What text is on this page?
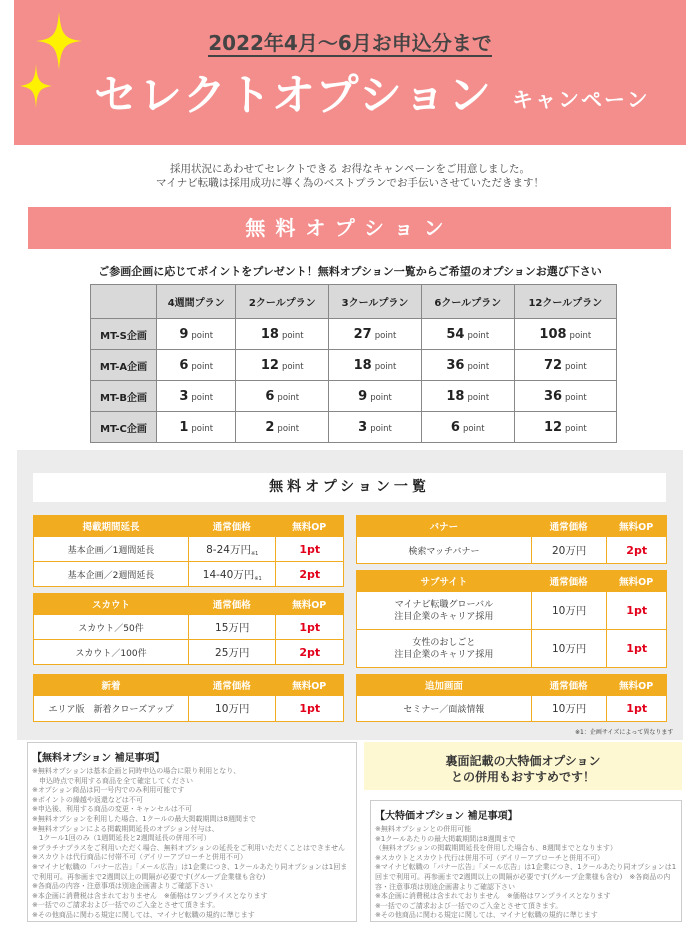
2022年4月～6月お申込分まで
セレクトオプション キャンペーン
採用状況にあわせてセレクトできる お得なキャンペーンをご用意しました。
マイナビ転職は採用成功に導く為のベストプランでお手伝いさせていただきます！
無料オプション
ご参画企画に応じてポイントをプレゼント！無料オプション一覧からご希望のオプションお選び下さい
	4週間プラン	2クールプラン	3クールプラン	6クールプラン	12クールプラン
MT-S企画	9 point	18 point	27 point	54 point	108 point
MT-A企画	6 point	12 point	18 point	36 point	72 point
MT-B企画	3 point	6 point	9 point	18 point	36 point
MT-C企画	1 point	2 point	3 point	6 point	12 point
無料オプション一覧
掲載期間延長	通常価格	無料OP
基本企画／1週間延長	8-24万円$_{※1}$	1pt
基本企画／2週間延長	14-40万円$_{※1}$	2pt
スカウト	通常価格	無料OP
スカウト／50件	15万円	1pt
スカウト／100件	25万円	2pt
新着	通常価格	無料OP
エリア版　新着クローズアップ	10万円	1pt
バナー	通常価格	無料OP
検索マッチバナー	20万円	2pt
サブサイト	通常価格	無料OP
マイナビ転職グローバル
注目企業のキャリア採用	10万円	1pt
女性のおしごと
注目企業のキャリア採用	10万円	1pt
追加画面	通常価格	無料OP
セミナー／面談情報	10万円	1pt
※1：企画サイズによって異なります
【無料オプション 補足事項】

※無料オプションは基本企画と同時申込の場合に限り利用となり、
　申込時点で利用する商品を全て確定してください
※オプション商品は同一号内でのみ利用可能です
※ポイントの繰越や返還などは不可
※申込後、利用する商品の変更・キャンセルは不可
※無料オプションを利用した場合、1クールの最大掲載期間は8週間まで
※無料オプションによる掲載期間延長のオプション付与は、
　1クール1回のみ（1週間延長と2週間延長の併用不可）
※プラチナプラスをご利用いただく場合、無料オプションの延長をご利用いただくことはできません　※スカウトは代行商品に付帯不可（デイリーアプローチと併用不可）
※マイナビ転職の「バナー広告」「メール広告」は1企業につき、1クールあたり同オプションは1回まで利用可。再参画まで2週間以上の間隔が必要です(グループ企業様も含む)
※各商品の内容・注意事項は別途企画書よりご確認下さい
※本企画に消費税は含まれておりません　※価格はワンプライスとなります
※一括でのご請求および一括でのご入金とさせて頂きます。
※その他商品に関わる規定に関しては、マイナビ転職の規約に準じます

裏面記載の大特価オプション
との併用もおすすめです！
【大特価オプション 補足事項】

※無料オプションとの併用可能
※1クールあたりの最大掲載期間は8週間まで
（無料オプションの掲載期間延長を併用した場合も、8週間までとなります）
※スカウトとスカウト代行は併用不可（デイリーアプローチと併用不可）
※マイナビ転職の「バナー広告」「メール広告」は1企業につき、1クールあたり同オプションは1回まで利用可。再参画まで2週間以上の間隔が必要です(グループ企業様も含む)　※各商品の内容・注意事項は別途企画書よりご確認下さい
※本企画に消費税は含まれておりません　※価格はワンプライスとなります
※一括でのご請求および一括でのご入金とさせて頂きます。
※その他商品に関わる規定に関しては、マイナビ転職の規約に準じます
